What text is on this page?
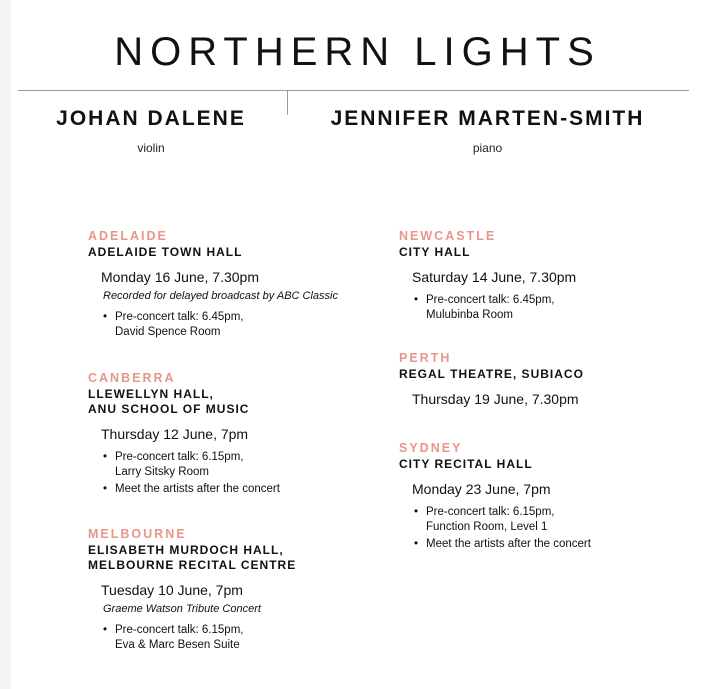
NORTHERN LIGHTS
JOHAN DALENE
violin
JENNIFER MARTEN-SMITH
piano
ADELAIDE
ADELAIDE TOWN HALL
Monday 16 June, 7.30pm
Recorded for delayed broadcast by ABC Classic
• Pre-concert talk: 6.45pm,
David Spence Room
CANBERRA
LLEWELLYN HALL,
ANU SCHOOL OF MUSIC
Thursday 12 June, 7pm
• Pre-concert talk: 6.15pm,
Larry Sitsky Room
• Meet the artists after the concert
MELBOURNE
ELISABETH MURDOCH HALL,
MELBOURNE RECITAL CENTRE
Tuesday 10 June, 7pm
Graeme Watson Tribute Concert
• Pre-concert talk: 6.15pm,
Eva & Marc Besen Suite
NEWCASTLE
CITY HALL
Saturday 14 June, 7.30pm
• Pre-concert talk: 6.45pm,
Mulubinba Room
PERTH
REGAL THEATRE, SUBIACO
Thursday 19 June, 7.30pm
SYDNEY
CITY RECITAL HALL
Monday 23 June, 7pm
• Pre-concert talk: 6.15pm,
Function Room, Level 1
• Meet the artists after the concert
